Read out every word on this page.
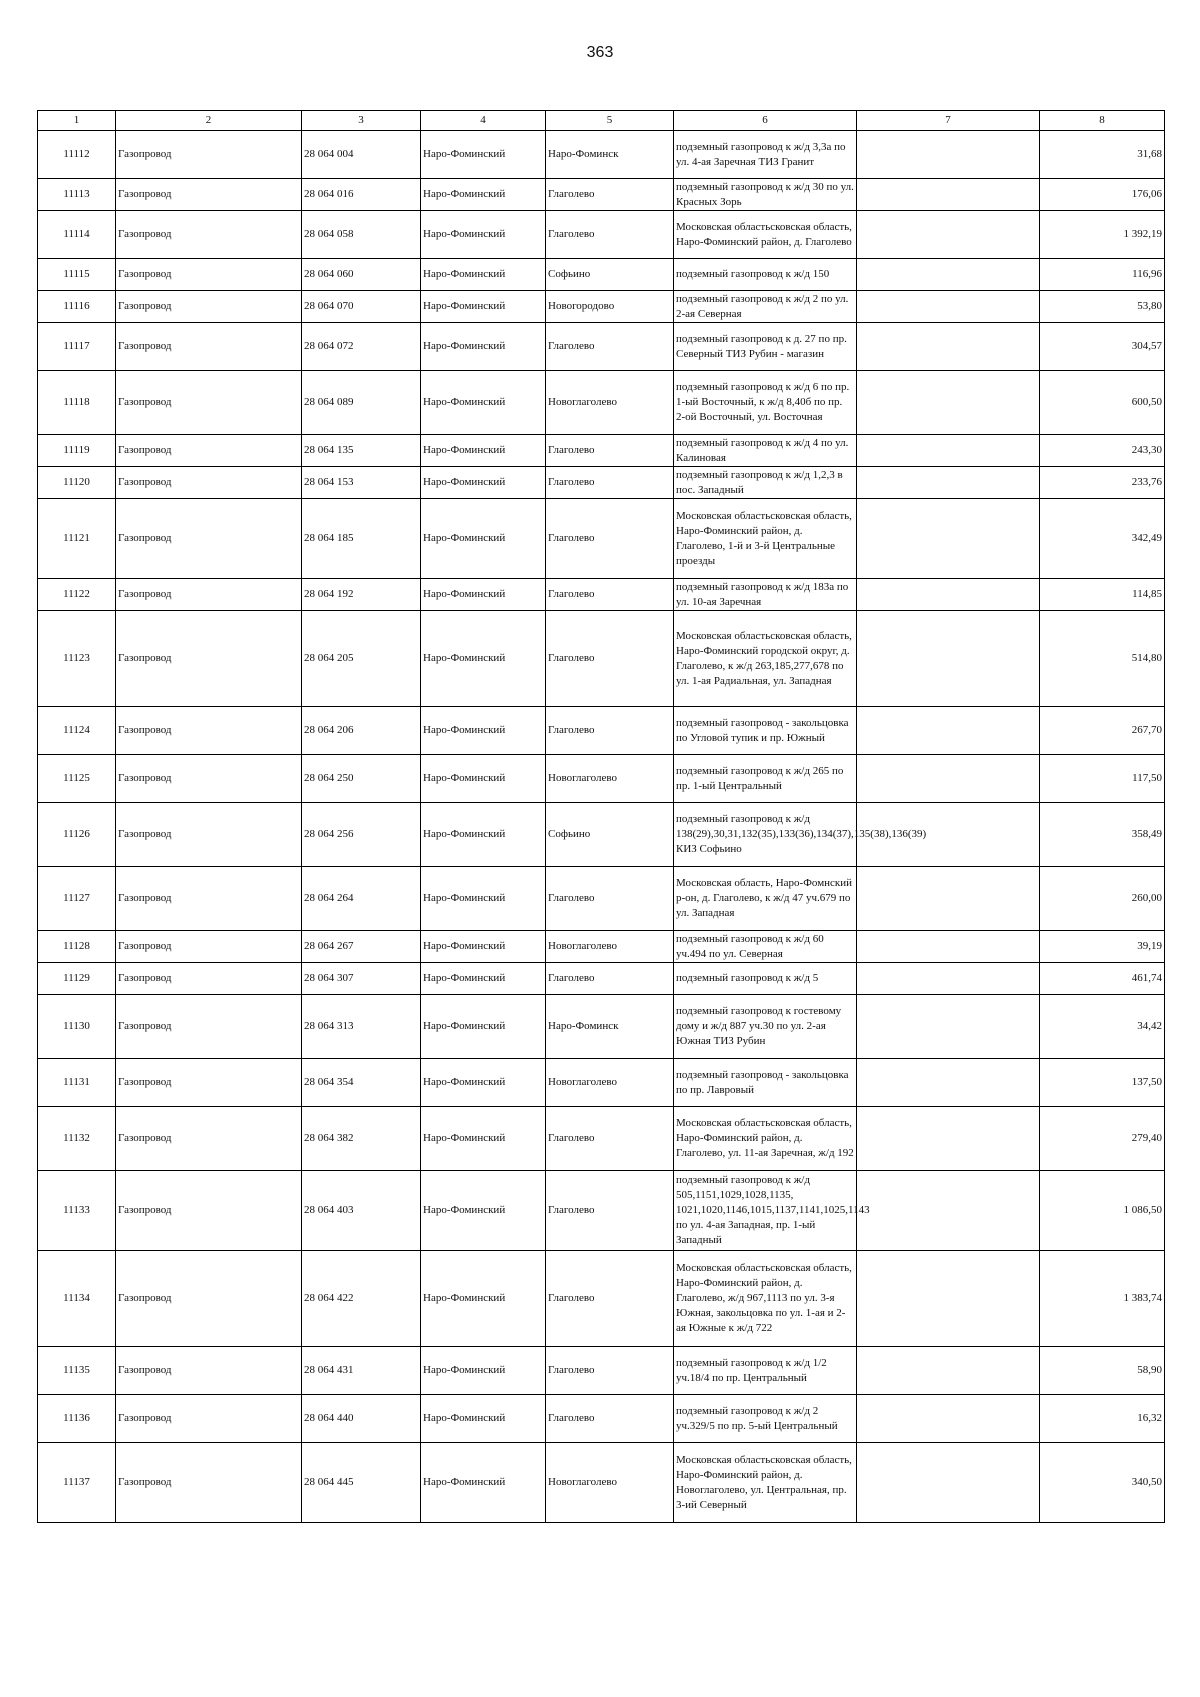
363
1	2	3	4	5	6	7	8
11112	Газопровод	28 064 004	Наро-Фоминский	Наро-Фоминск	подземный газопровод к ж/д 3,3а по ул. 4-ая Заречная ТИЗ Гранит		31,68
11113	Газопровод	28 064 016	Наро-Фоминский	Глаголево	подземный газопровод к ж/д 30 по ул. Красных Зорь		176,06
11114	Газопровод	28 064 058	Наро-Фоминский	Глаголево	Московская областьсковская область, Наро-Фоминский район, д. Глаголево		1 392,19
11115	Газопровод	28 064 060	Наро-Фоминский	Софьино	подземный газопровод к ж/д 150		116,96
11116	Газопровод	28 064 070	Наро-Фоминский	Новогородово	подземный газопровод к ж/д 2 по ул. 2-ая Северная		53,80
11117	Газопровод	28 064 072	Наро-Фоминский	Глаголево	подземный газопровод к д. 27 по пр. Северный ТИЗ Рубин - магазин		304,57
11118	Газопровод	28 064 089	Наро-Фоминский	Новоглаголево	подземный газопровод к ж/д 6 по пр. 1-ый Восточный, к ж/д 8,40б по пр. 2-ой Восточный, ул. Восточная		600,50
11119	Газопровод	28 064 135	Наро-Фоминский	Глаголево	подземный газопровод к ж/д 4 по ул. Калиновая		243,30
11120	Газопровод	28 064 153	Наро-Фоминский	Глаголево	подземный газопровод к ж/д 1,2,3 в пос. Западный		233,76
11121	Газопровод	28 064 185	Наро-Фоминский	Глаголево	Московская областьсковская область, Наро-Фоминский район, д. Глаголево, 1-й и 3-й Центральные проезды		342,49
11122	Газопровод	28 064 192	Наро-Фоминский	Глаголево	подземный газопровод к ж/д 183а по ул. 10-ая Заречная		114,85
11123	Газопровод	28 064 205	Наро-Фоминский	Глаголево	Московская областьсковская область, Наро-Фоминский городской округ, д. Глаголево, к ж/д 263,185,277,678 по ул. 1-ая Радиальная, ул. Западная		514,80
11124	Газопровод	28 064 206	Наро-Фоминский	Глаголево	подземный газопровод - закольцовка по Угловой тупик и пр. Южный		267,70
11125	Газопровод	28 064 250	Наро-Фоминский	Новоглаголево	подземный газопровод к ж/д 265 по пр. 1-ый Центральный		117,50
11126	Газопровод	28 064 256	Наро-Фоминский	Софьино	подземный газопровод к ж/д 138(29),30,31,132(35),133(36),134(37),135(38),136(39) КИЗ Софьино		358,49
11127	Газопровод	28 064 264	Наро-Фоминский	Глаголево	Московская область, Наро-Фомнский р-он, д. Глаголево, к ж/д 47 уч.679 по ул. Западная		260,00
11128	Газопровод	28 064 267	Наро-Фоминский	Новоглаголево	подземный газопровод к ж/д 60 уч.494 по ул. Северная		39,19
11129	Газопровод	28 064 307	Наро-Фоминский	Глаголево	подземный газопровод к ж/д 5		461,74
11130	Газопровод	28 064 313	Наро-Фоминский	Наро-Фоминск	подземный газопровод к гостевому дому и ж/д 887 уч.30 по ул. 2-ая Южная ТИЗ Рубин		34,42
11131	Газопровод	28 064 354	Наро-Фоминский	Новоглаголево	подземный газопровод - закольцовка по пр. Лавровый		137,50
11132	Газопровод	28 064 382	Наро-Фоминский	Глаголево	Московская областьсковская область, Наро-Фоминский район, д. Глаголево, ул. 11-ая Заречная, ж/д 192		279,40
11133	Газопровод	28 064 403	Наро-Фоминский	Глаголево	подземный газопровод к ж/д 505,1151,1029,1028,1135, 1021,1020,1146,1015,1137,1141,1025,1143 по ул. 4-ая Западная, пр. 1-ый Западный		1 086,50
11134	Газопровод	28 064 422	Наро-Фоминский	Глаголево	Московская областьсковская область, Наро-Фоминский район, д. Глаголево, ж/д 967,1113 по ул. 3-я Южная, закольцовка по ул. 1-ая и 2-ая Южные к ж/д 722		1 383,74
11135	Газопровод	28 064 431	Наро-Фоминский	Глаголево	подземный газопровод к ж/д 1/2 уч.18/4 по пр. Центральный		58,90
11136	Газопровод	28 064 440	Наро-Фоминский	Глаголево	подземный газопровод к ж/д 2 уч.329/5 по пр. 5-ый Центральный		16,32
11137	Газопровод	28 064 445	Наро-Фоминский	Новоглаголево	Московская областьсковская область, Наро-Фоминский район, д. Новоглаголево, ул. Центральная, пр. 3-ий Северный		340,50
